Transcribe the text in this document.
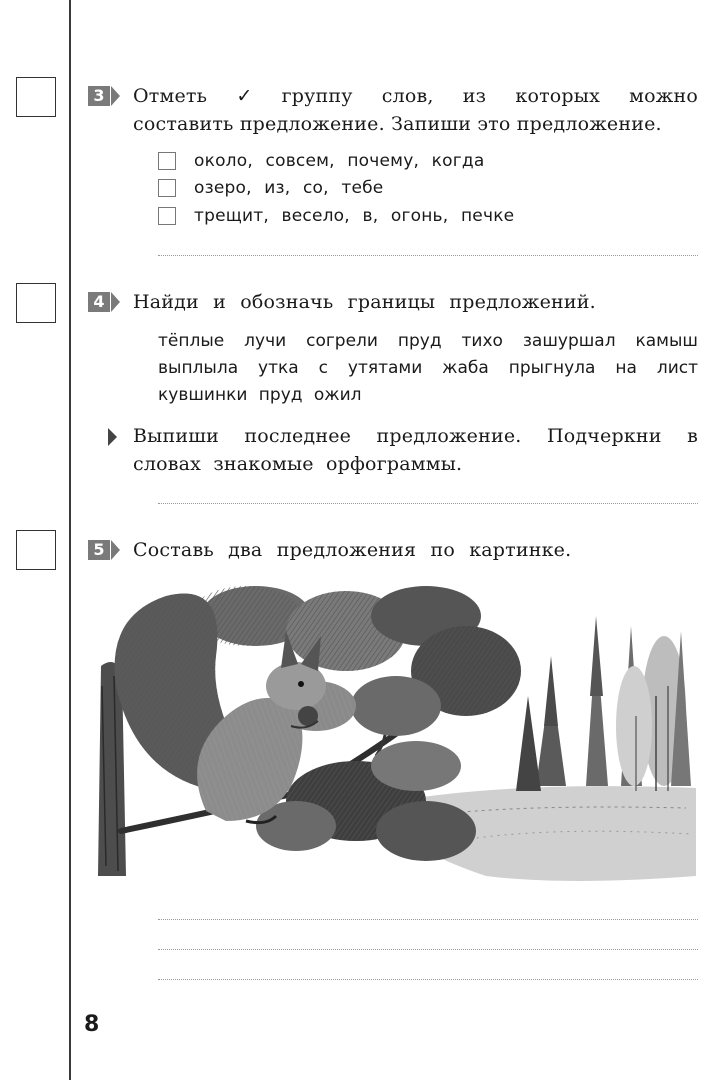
3 Отметь ✓ группу слов, из которых можно
составить предложение. Запиши это предложение.
около, совсем, почему, когда
озеро, из, со, тебе
трещит, весело, в, огонь, печке
4 Найди и обозначь границы предложений.
тёплые лучи согрели пруд тихо зашуршал камыш
выплыла утка с утятами жаба прыгнула на лист
кувшинки пруд ожил
Выпиши последнее предложение. Подчеркни в
словах знакомые орфограммы.
5 Составь два предложения по картинке.
8
